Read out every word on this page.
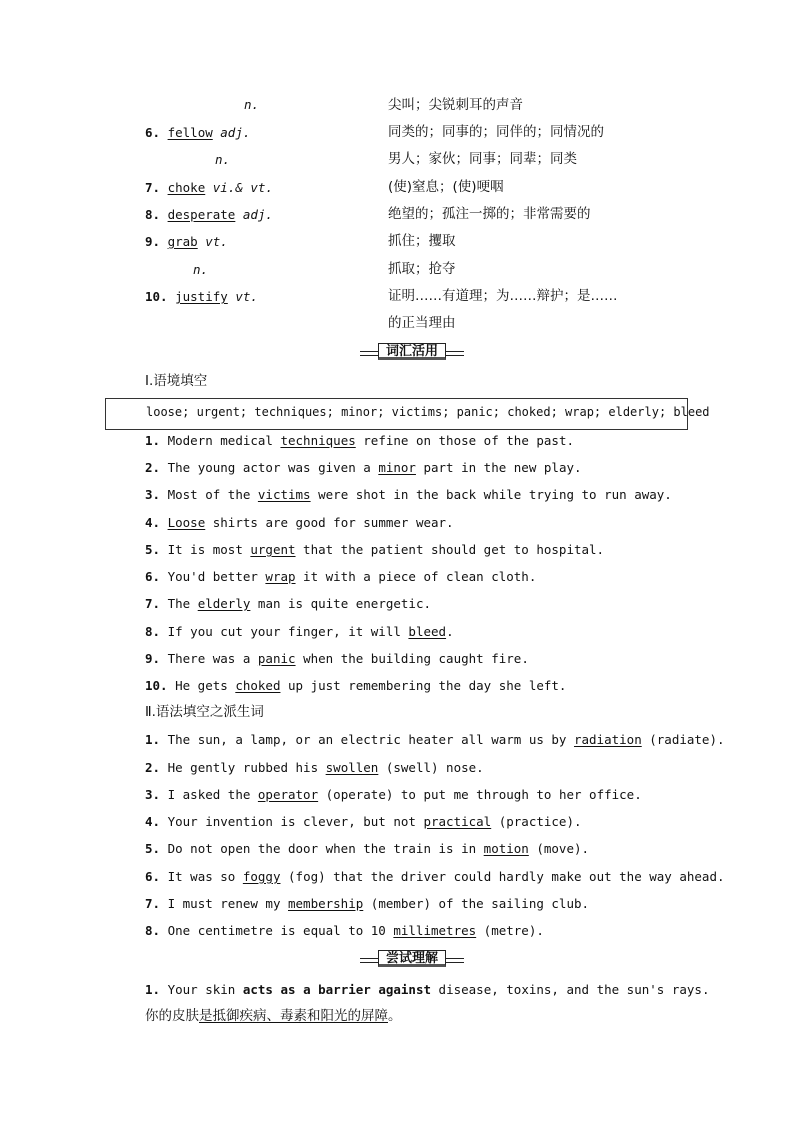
n.	尖叫；尖锐刺耳的声音
6. fellow adj.	同类的；同事的；同伴的；同情况的
n.	男人；家伙；同事；同辈；同类
7. choke vi.& vt.	(使)窒息；(使)哽咽
8. desperate adj.	绝望的；孤注一掷的；非常需要的
9. grab vt.	抓住；攫取
n.	抓取；抢夺
10. justify vt.	证明……有道理；为……辩护；是……
的正当理由
词汇活用
Ⅰ.语境填空
loose; urgent; techniques; minor; victims; panic; choked; wrap; elderly; bleed
1. Modern medical techniques refine on those of the past.
2. The young actor was given a minor part in the new play.
3. Most of the victims were shot in the back while trying to run away.
4. Loose shirts are good for summer wear.
5. It is most urgent that the patient should get to hospital.
6. You'd better wrap it with a piece of clean cloth.
7. The elderly man is quite energetic.
8. If you cut your finger, it will bleed.
9. There was a panic when the building caught fire.
10. He gets choked up just remembering the day she left.
Ⅱ.语法填空之派生词
1. The sun, a lamp, or an electric heater all warm us by radiation (radiate).
2. He gently rubbed his swollen (swell) nose.
3. I asked the operator (operate) to put me through to her office.
4. Your invention is clever, but not practical (practice).
5. Do not open the door when the train is in motion (move).
6. It was so foggy (fog) that the driver could hardly make out the way ahead.
7. I must renew my membership (member) of the sailing club.
8. One centimetre is equal to 10 millimetres (metre).
尝试理解
1. Your skin acts as a barrier against disease, toxins, and the sun's rays.
你的皮肤是抵御疾病、毒素和阳光的屏障。
